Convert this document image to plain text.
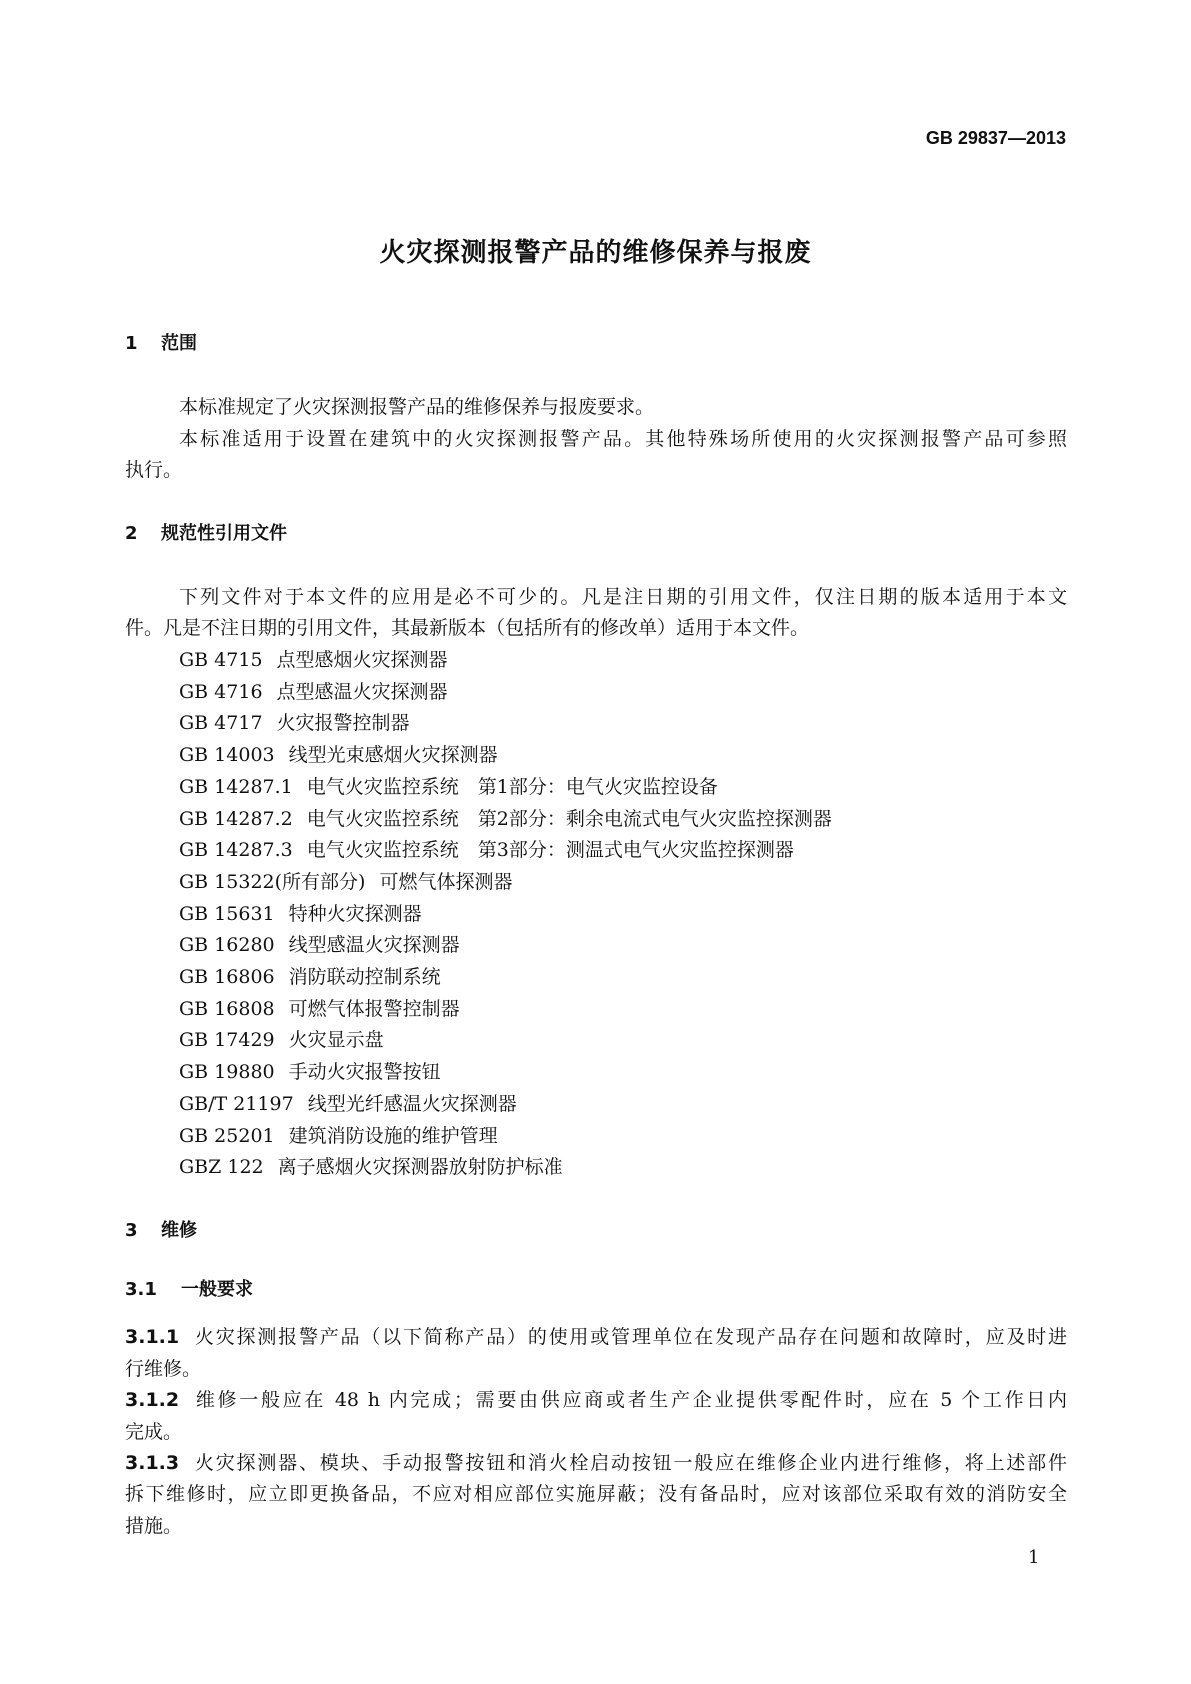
GB 29837—2013
火灾探测报警产品的维修保养与报废
1 范围
本标准规定了火灾探测报警产品的维修保养与报废要求。
本标准适用于设置在建筑中的火灾探测报警产品。其他特殊场所使用的火灾探测报警产品可参照
执行。
2 规范性引用文件
下列文件对于本文件的应用是必不可少的。凡是注日期的引用文件，仅注日期的版本适用于本文
件。凡是不注日期的引用文件，其最新版本（包括所有的修改单）适用于本文件。
GB 4715 点型感烟火灾探测器
GB 4716 点型感温火灾探测器
GB 4717 火灾报警控制器
GB 14003 线型光束感烟火灾探测器
GB 14287.1 电气火灾监控系统　第1部分：电气火灾监控设备
GB 14287.2 电气火灾监控系统　第2部分：剩余电流式电气火灾监控探测器
GB 14287.3 电气火灾监控系统　第3部分：测温式电气火灾监控探测器
GB 15322(所有部分) 可燃气体探测器
GB 15631 特种火灾探测器
GB 16280 线型感温火灾探测器
GB 16806 消防联动控制系统
GB 16808 可燃气体报警控制器
GB 17429 火灾显示盘
GB 19880 手动火灾报警按钮
GB/T 21197 线型光纤感温火灾探测器
GB 25201 建筑消防设施的维护管理
GBZ 122 离子感烟火灾探测器放射防护标准
3 维修
3.1 一般要求
3.1.1 火灾探测报警产品（以下简称产品）的使用或管理单位在发现产品存在问题和故障时，应及时进
行维修。
3.1.2 维修一般应在 48 h 内完成；需要由供应商或者生产企业提供零配件时，应在 5 个工作日内
完成。
3.1.3 火灾探测器、模块、手动报警按钮和消火栓启动按钮一般应在维修企业内进行维修，将上述部件
拆下维修时，应立即更换备品，不应对相应部位实施屏蔽；没有备品时，应对该部位采取有效的消防安全
措施。
1
